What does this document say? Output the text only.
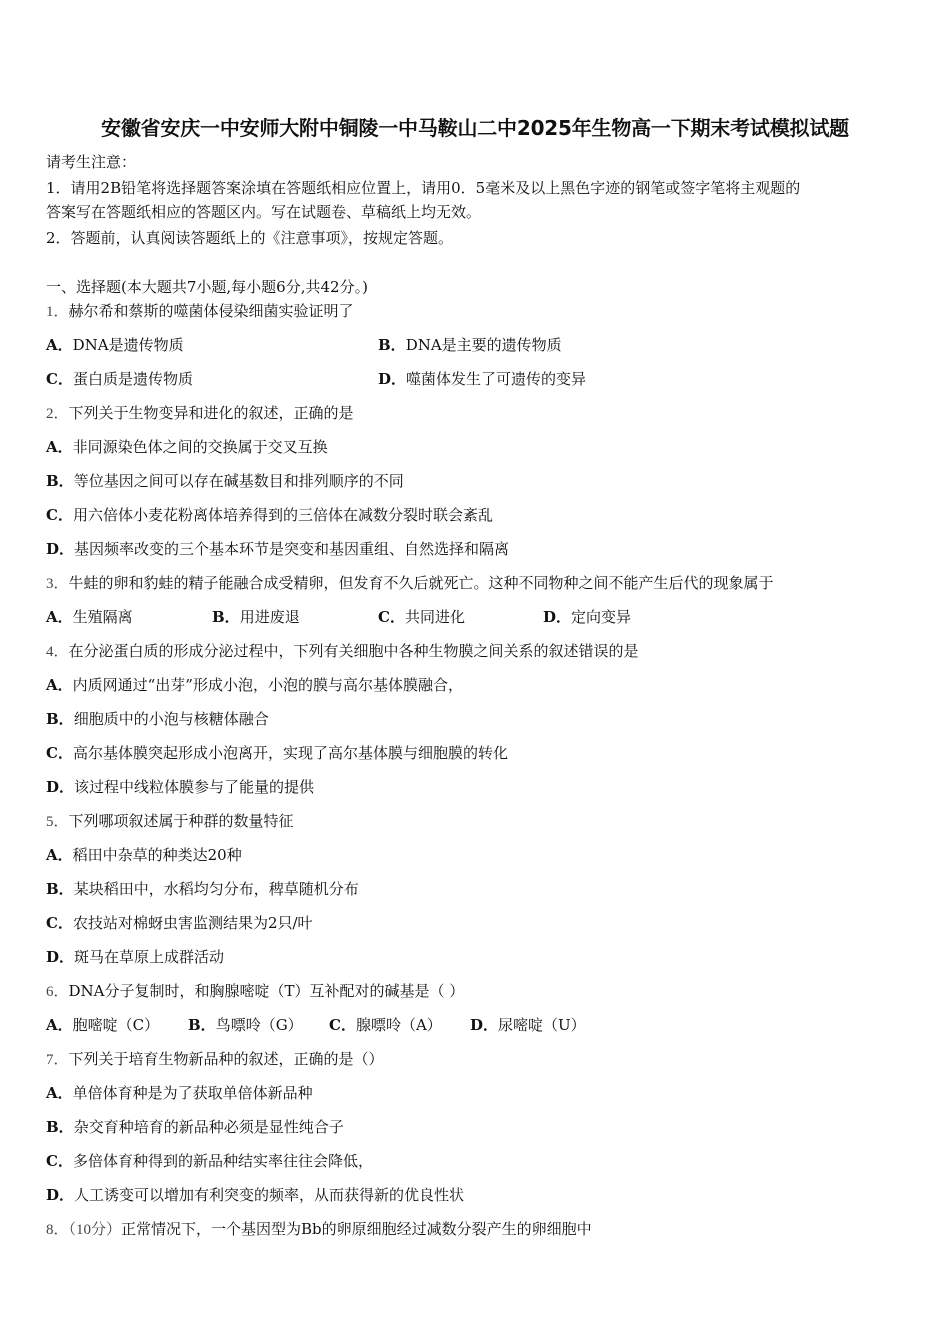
安徽省安庆一中安师大附中铜陵一中马鞍山二中2025年生物高一下期末考试模拟试题
请考生注意：
1．请用2B铅笔将选择题答案涂填在答题纸相应位置上，请用0．5毫米及以上黑色字迹的钢笔或签字笔将主观题的
答案写在答题纸相应的答题区内。写在试题卷、草稿纸上均无效。
2．答题前，认真阅读答题纸上的《注意事项》，按规定答题。
一、选择题(本大题共7小题,每小题6分,共42分。)
1．赫尔希和蔡斯的噬菌体侵染细菌实验证明了
A．DNA是遗传物质	B．DNA是主要的遗传物质
C．蛋白质是遗传物质	D．噬菌体发生了可遗传的变异
2．下列关于生物变异和进化的叙述，正确的是
A．非同源染色体之间的交换属于交叉互换
B．等位基因之间可以存在碱基数目和排列顺序的不同
C．用六倍体小麦花粉离体培养得到的三倍体在减数分裂时联会紊乱
D．基因频率改变的三个基本环节是突变和基因重组、自然选择和隔离
3．牛蛙的卵和豹蛙的精子能融合成受精卵，但发育不久后就死亡。这种不同物种之间不能产生后代的现象属于
A．生殖隔离	B．用进废退	C．共同进化	D．定向变异
4．在分泌蛋白质的形成分泌过程中，下列有关细胞中各种生物膜之间关系的叙述错误的是
A．内质网通过“出芽”形成小泡，小泡的膜与高尔基体膜融合，
B．细胞质中的小泡与核糖体融合
C．高尔基体膜突起形成小泡离开，实现了高尔基体膜与细胞膜的转化
D．该过程中线粒体膜参与了能量的提供
5．下列哪项叙述属于种群的数量特征
A．稻田中杂草的种类达20种
B．某块稻田中，水稻均匀分布，稗草随机分布
C．农技站对棉蚜虫害监测结果为2只/叶
D．斑马在草原上成群活动
6．DNA分子复制时，和胸腺嘧啶（T）互补配对的碱基是（ ）
A．胞嘧啶（C） B．鸟嘌呤（G） C．腺嘌呤（A） D．尿嘧啶（U）
7．下列关于培育生物新品种的叙述，正确的是（）
A．单倍体育种是为了获取单倍体新品种
B．杂交育种培育的新品种必须是显性纯合子
C．多倍体育种得到的新品种结实率往往会降低，
D．人工诱变可以增加有利突变的频率，从而获得新的优良性状
8．（10分）正常情况下，一个基因型为Bb的卵原细胞经过减数分裂产生的卵细胞中
